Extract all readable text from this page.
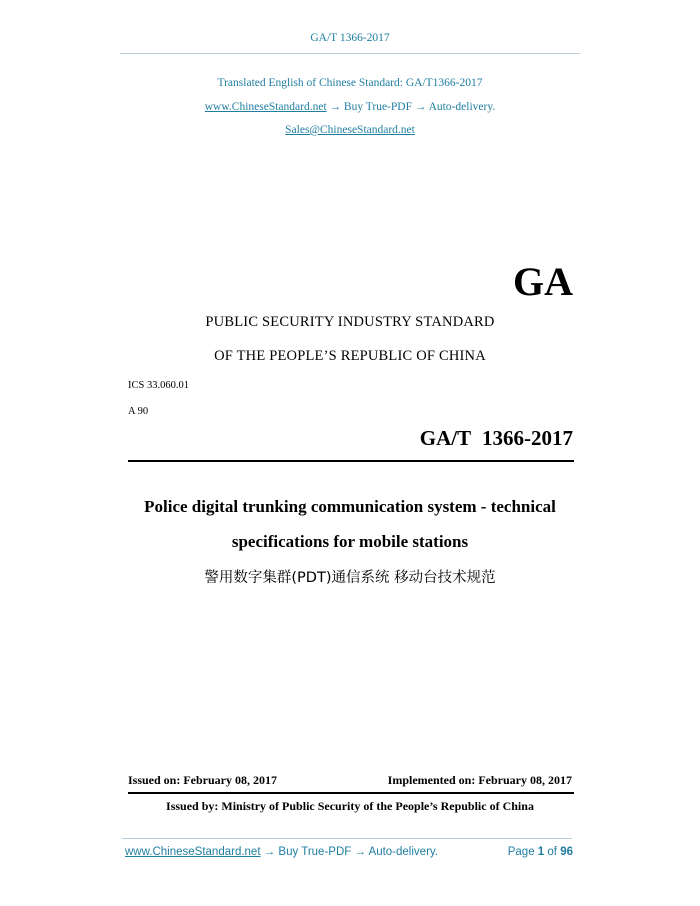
GA/T 1366-2017
Translated English of Chinese Standard: GA/T1366-2017
www.ChineseStandard.net → Buy True-PDF → Auto-delivery.
Sales@ChineseStandard.net
GA
PUBLIC SECURITY INDUSTRY STANDARD
OF THE PEOPLE’S REPUBLIC OF CHINA
ICS 33.060.01
A 90
GA/T 1366-2017
Police digital trunking communication system - technical
specifications for mobile stations
警用数字集群(PDT)通信系统 移动台技术规范
Issued on: February 08, 2017	Implemented on: February 08, 2017
Issued by: Ministry of Public Security of the People’s Republic of China
www.ChineseStandard.net → Buy True-PDF → Auto-delivery.	Page 1 of 96
